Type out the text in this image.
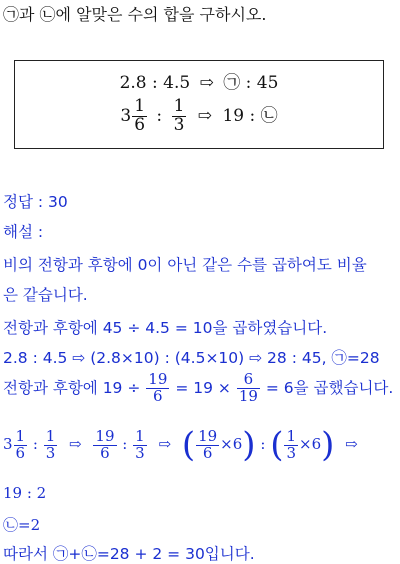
㉠과 ㉡에 알맞은 수의 합을 구하시오.
2.8 : 4.5 ⇨ ㉠ : 45
$3 \frac{1}{6}$ : $\frac{1}{3}$ ⇨ 19 : ㉡
정답 : 30
해설 :
비의 전항과 후항에 0이 아닌 같은 수를 곱하여도 비율
은 같습니다.
전항과 후항에 45 ÷ 4.5 = 10을 곱하였습니다.
2.8 : 4.5 ⇨ (2.8×10) : (4.5×10) ⇨ 28 : 45, ㉠=28
전항과 후항에 $19 \div \frac{19}{6} = 19 \times \frac{6}{19} = 6$을 곱했습니다.
$3 \frac{1}{6}$ : $\frac{1}{3}$ ⇨ $\frac{19}{6}$ : $\frac{1}{3}$ ⇨ ( $\frac{19}{6} \times 6$) : ( $\frac{1}{3} \times 6$) ⇨
19 : 2
㉡=2
따라서 ㉠+㉡=28 + 2 = 30입니다.
